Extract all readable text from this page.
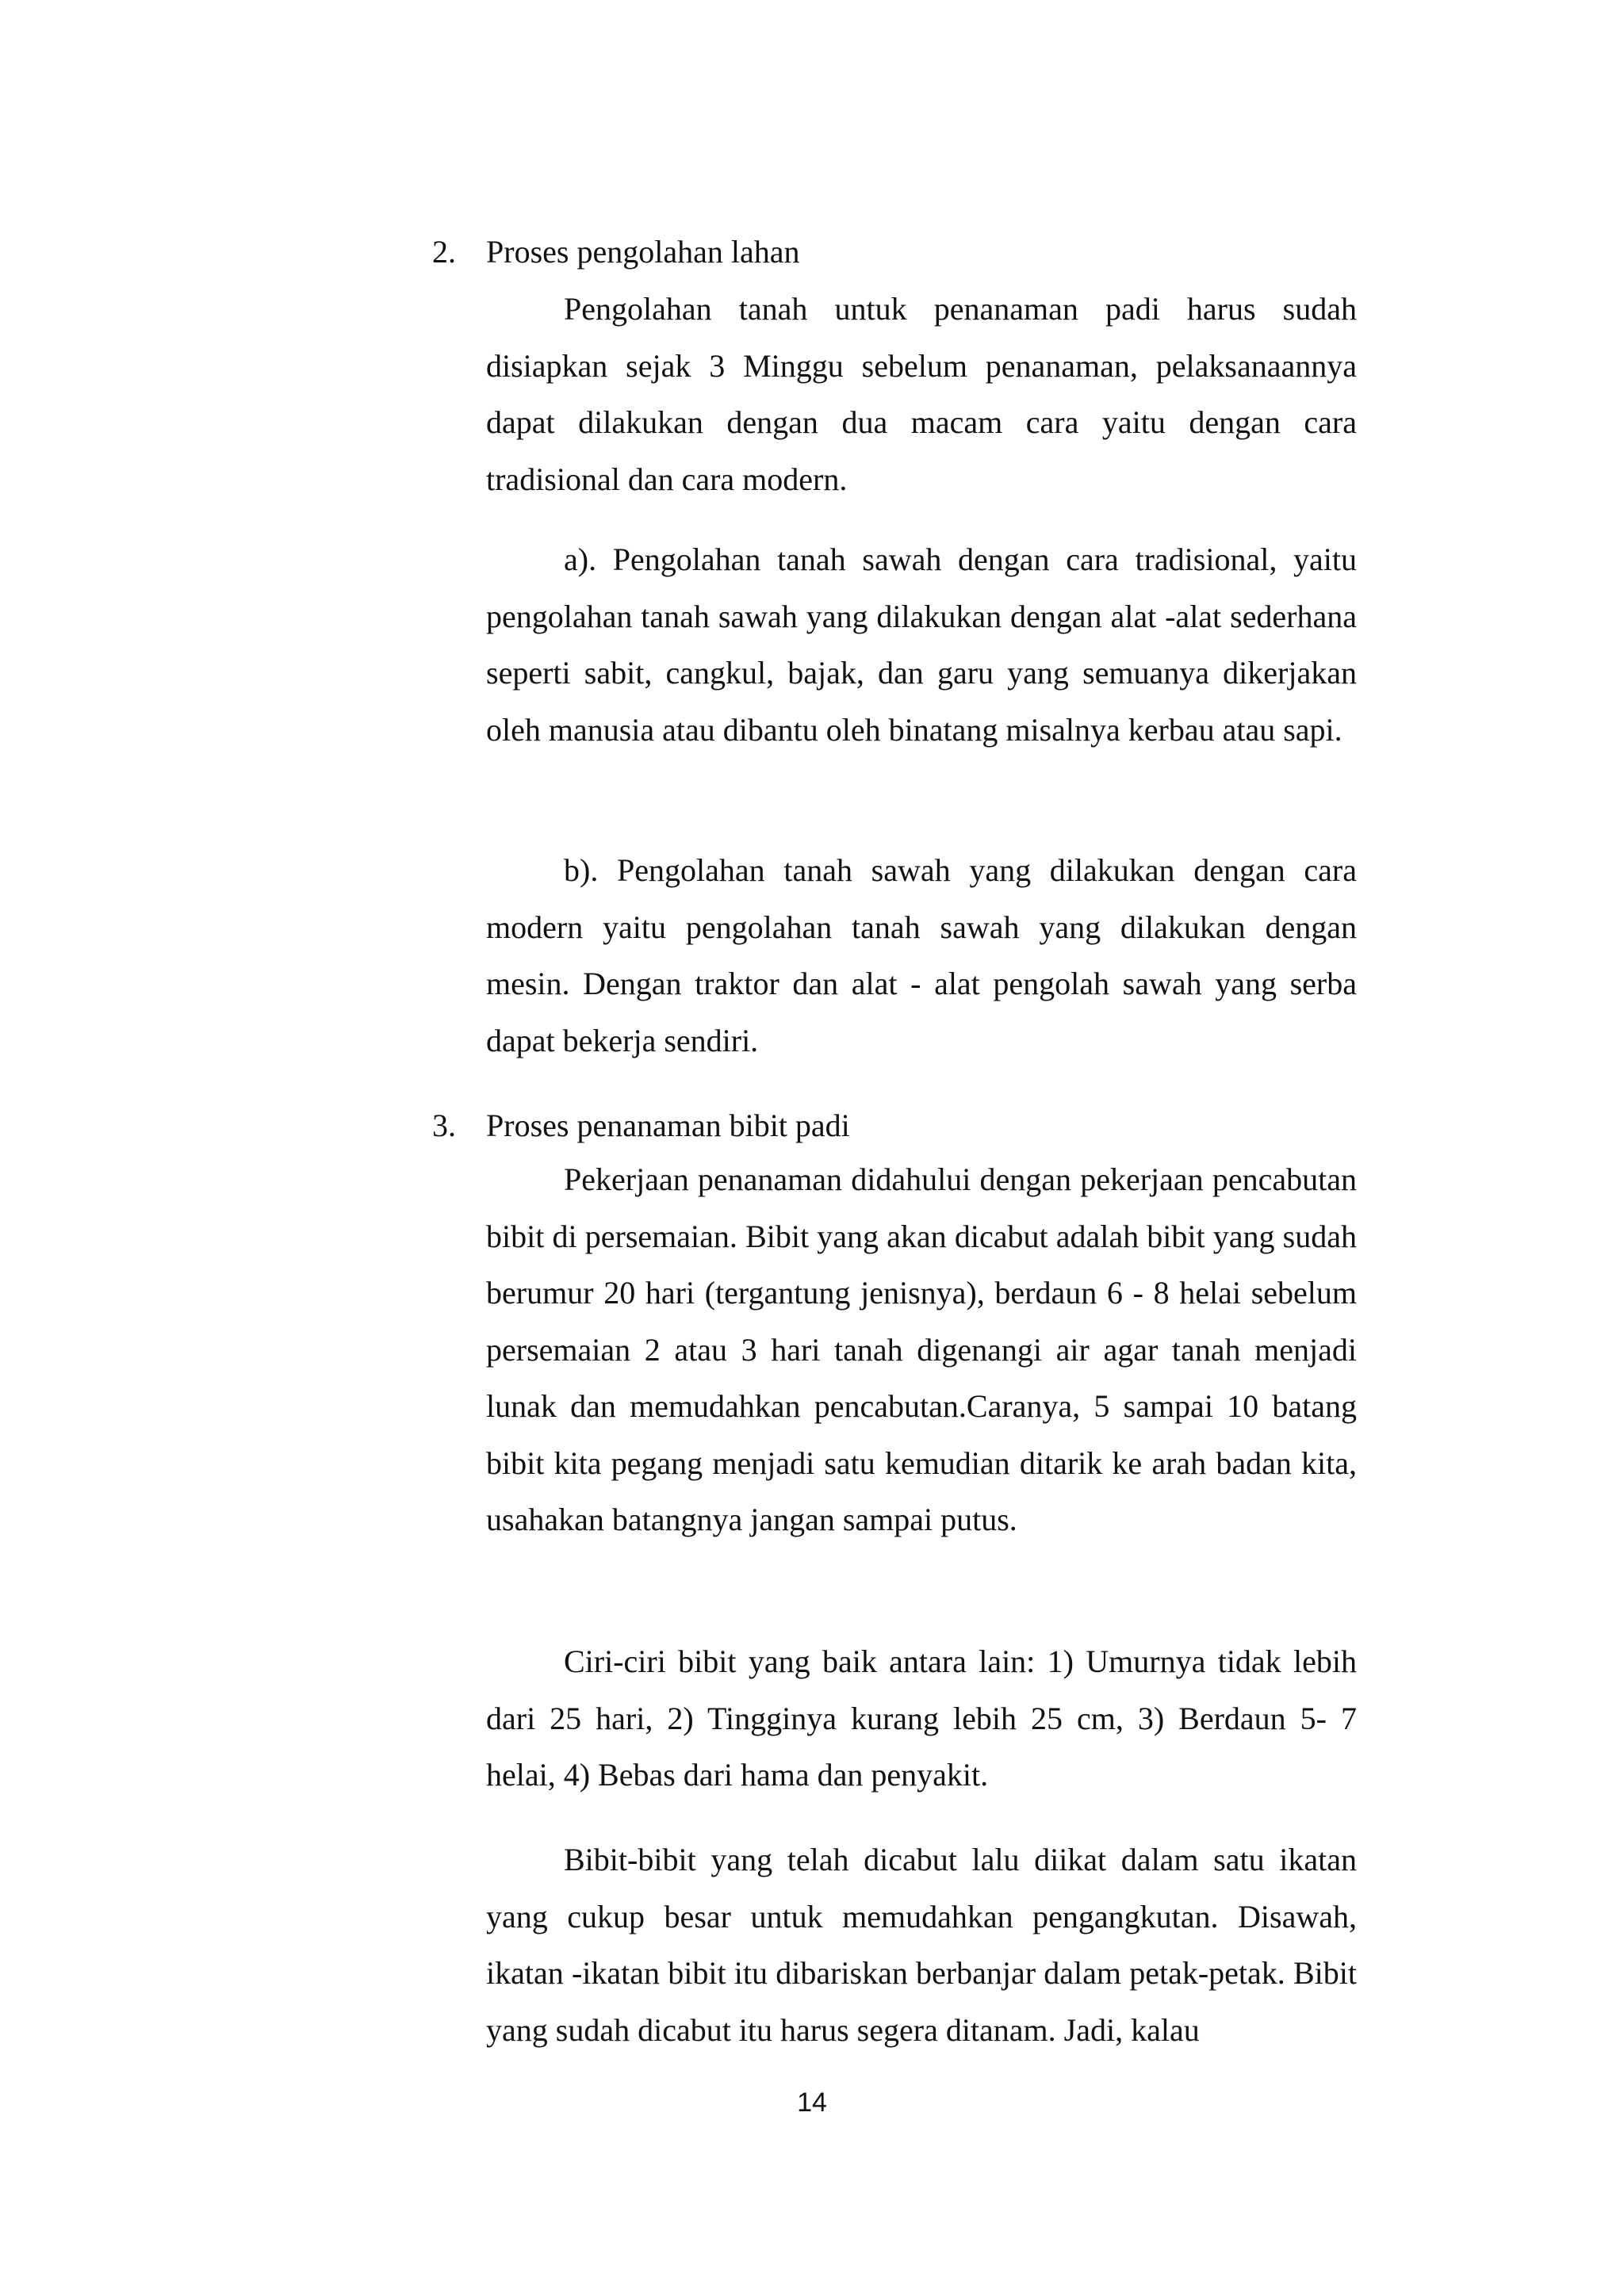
2. Proses pengolahan lahan

Pengolahan tanah untuk penanaman padi harus sudah disiapkan sejak 3 Minggu sebelum penanaman, pelaksanaannya dapat dilakukan dengan dua macam cara yaitu dengan cara tradisional dan cara modern.

a). Pengolahan tanah sawah dengan cara tradisional, yaitu pengolahan tanah sawah yang dilakukan dengan alat -alat sederhana seperti sabit, cangkul, bajak, dan garu yang semuanya dikerjakan oleh manusia atau dibantu oleh binatang misalnya kerbau atau sapi.

b). Pengolahan tanah sawah yang dilakukan dengan cara modern yaitu pengolahan tanah sawah yang dilakukan dengan mesin. Dengan traktor dan alat - alat pengolah sawah yang serba dapat bekerja sendiri.

3. Proses penanaman bibit padi

Pekerjaan penanaman didahului dengan pekerjaan pencabutan bibit di persemaian. Bibit yang akan dicabut adalah bibit yang sudah berumur 20 hari (tergantung jenisnya), berdaun 6 - 8 helai sebelum persemaian 2 atau 3 hari tanah digenangi air agar tanah menjadi lunak dan memudahkan pencabutan.Caranya, 5 sampai 10 batang bibit kita pegang menjadi satu kemudian ditarik ke arah badan kita, usahakan batangnya jangan sampai putus.

Ciri-ciri bibit yang baik antara lain: 1) Umurnya tidak lebih dari 25 hari, 2) Tingginya kurang lebih 25 cm, 3) Berdaun 5- 7 helai, 4) Bebas dari hama dan penyakit.

Bibit-bibit yang telah dicabut lalu diikat dalam satu ikatan yang cukup besar untuk memudahkan pengangkutan. Disawah, ikatan -ikatan bibit itu dibariskan berbanjar dalam petak-petak. Bibit yang sudah dicabut itu harus segera ditanam. Jadi, kalau

14
